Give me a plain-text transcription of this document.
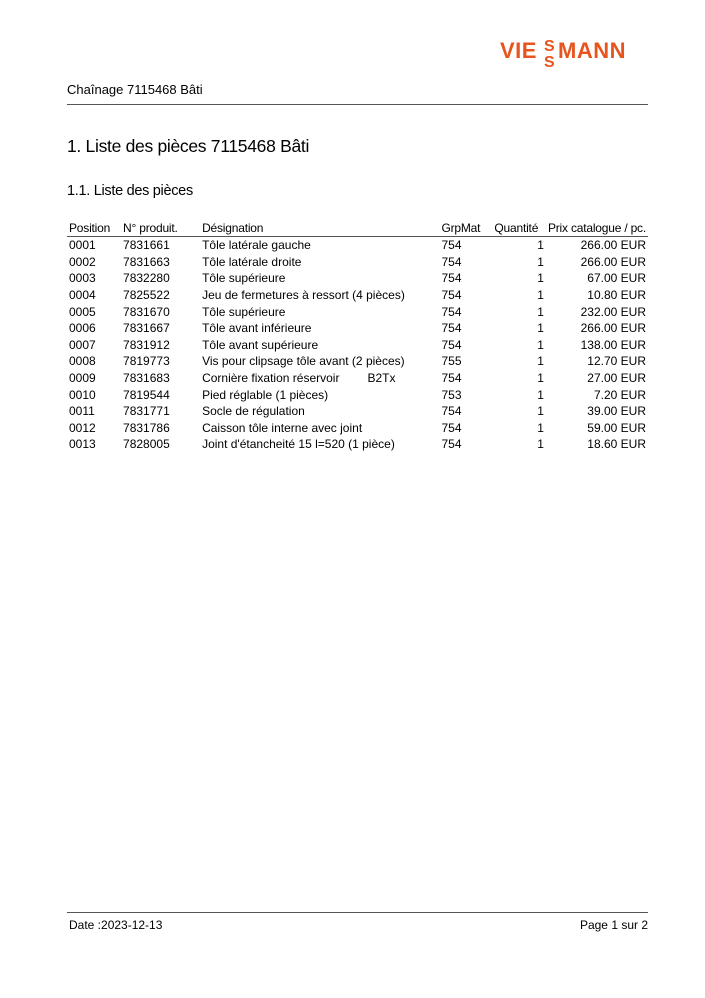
VIE S
S MANN
Chaînage 7115468 Bâti
1. Liste des pièces 7115468 Bâti
1.1. Liste des pièces
Position	N° produit.	Désignation	GrpMat	Quantité	Prix catalogue / pc.
0001	7831661	Tôle latérale gauche	754	1	266.00 EUR
0002	7831663	Tôle latérale droite	754	1	266.00 EUR
0003	7832280	Tôle supérieure	754	1	67.00 EUR
0004	7825522	Jeu de fermetures à ressort (4 pièces)	754	1	10.80 EUR
0005	7831670	Tôle supérieure	754	1	232.00 EUR
0006	7831667	Tôle avant inférieure	754	1	266.00 EUR
0007	7831912	Tôle avant supérieure	754	1	138.00 EUR
0008	7819773	Vis pour clipsage tôle avant (2 pièces)	755	1	12.70 EUR
0009	7831683	Cornière fixation réservoir B2Tx	754	1	27.00 EUR
0010	7819544	Pied réglable (1 pièces)	753	1	7.20 EUR
0011	7831771	Socle de régulation	754	1	39.00 EUR
0012	7831786	Caisson tôle interne avec joint	754	1	59.00 EUR
0013	7828005	Joint d'étancheité 15 l=520 (1 pièce)	754	1	18.60 EUR
Date :2023-12-13	Page 1 sur 2
